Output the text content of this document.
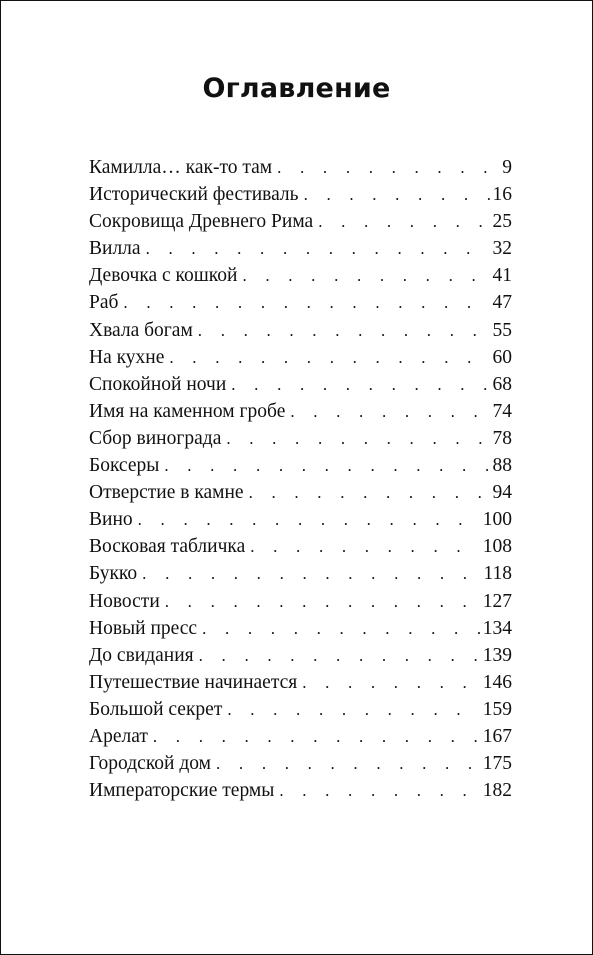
Оглавление
Камилла… как-то там . . .	9
Исторический фестиваль . . .	16
Сокровища Древнего Рима . . .	25
Вилла . . .	32
Девочка с кошкой . . .	41
Раб . . .	47
Хвала богам . . .	55
На кухне . . .	60
Спокойной ночи . . .	68
Имя на каменном гробе . . .	74
Сбор винограда . . .	78
Боксеры . . .	88
Отверстие в камне . . .	94
Вино . . .	100
Восковая табличка . . .	108
Букко . . .	118
Новости . . .	127
Новый пресс . . .	134
До свидания . . .	139
Путешествие начинается . . .	146
Большой секрет . . .	159
Арелат . . .	167
Городской дом . . .	175
Императорские термы . . .	182
